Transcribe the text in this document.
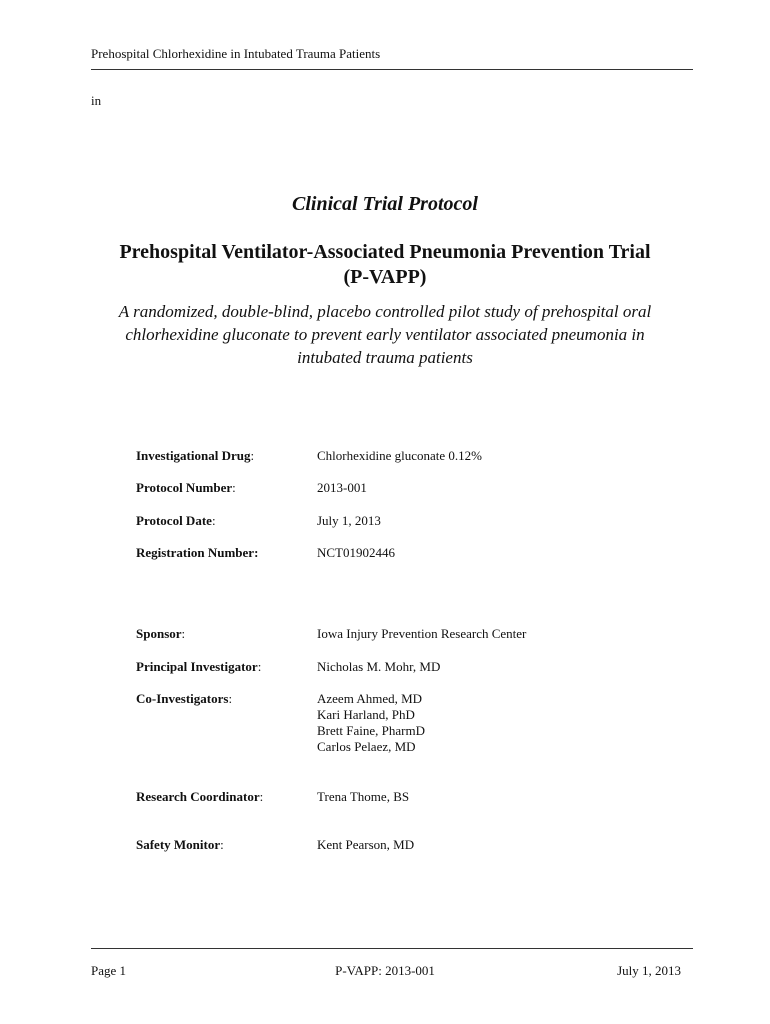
Prehospital Chlorhexidine in Intubated Trauma Patients
in
Clinical Trial Protocol
Prehospital Ventilator-Associated Pneumonia Prevention Trial
(P-VAPP)
A randomized, double-blind, placebo controlled pilot study of prehospital oral
chlorhexidine gluconate to prevent early ventilator associated pneumonia in
intubated trauma patients
Investigational Drug:	Chlorhexidine gluconate 0.12%
Protocol Number:	2013-001
Protocol Date:	July 1, 2013
Registration Number:	NCT01902446
Sponsor:	Iowa Injury Prevention Research Center
Principal Investigator:	Nicholas M. Mohr, MD
Co-Investigators:	Azeem Ahmed, MD
Kari Harland, PhD
Brett Faine, PharmD
Carlos Pelaez, MD
Research Coordinator:	Trena Thome, BS
Safety Monitor:	Kent Pearson, MD
Page 1	P-VAPP: 2013-001	July 1, 2013
